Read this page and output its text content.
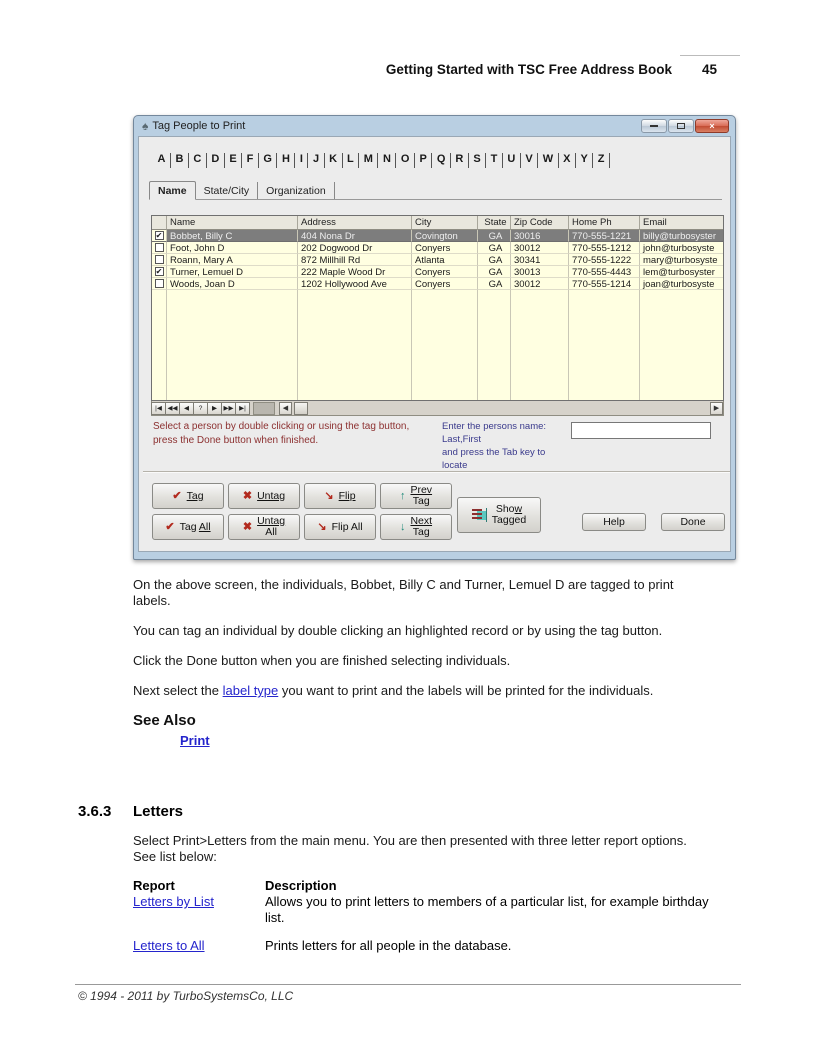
Getting Started with TSC Free Address Book 45
♠ Tag People to Print	×
A B C D E F G H I J K L M N O P Q R S T U V W X Y Z
Name	State/City	Organization
Name	Address	City	State Zip Code	Home Ph	Email
✔ Bobbet, Billy C	404 Nona Dr	Covington	GA	30016	770-555-1221	billy@turbosyster
Foot, John D	202 Dogwood Dr	Conyers	GA	30012	770-555-1212	john@turbosyste
Roann, Mary A	872 Millhill Rd	Atlanta	GA	30341	770-555-1222	mary@turbosyste
✔ Turner, Lemuel D	222 Maple Wood Dr	Conyers	GA	30013	770-555-4443	lem@turbosyster
Woods, Joan D	1202 Hollywood Ave	Conyers	GA	30012	770-555-1214	joan@turbosyste
|◀ ◀◀	◀	?	▶	▶▶ ▶|	◀	▶
Select a person by double clicking or using the tag button,
press the Done button when finished.
Enter the persons name: Last,First
and press the Tab key to locate
✔ Tag	✖ Untag	↘ Flip	↑ Prev
Tag
✔ Tag All	✖ Untag
All	↘ Flip All	↓ Next
Tag
Show
Tagged	Help	Done
On the above screen, the individuals, Bobbet, Billy C and Turner, Lemuel D are tagged to print labels.
You can tag an individual by double clicking an highlighted record or by using the tag button.
Click the Done button when you are finished selecting individuals.
Next select the label type you want to print and the labels will be printed for the individuals.
See Also
Print
3.6.3 Letters
Select Print>Letters from the main menu. You are then presented with three letter report options. See list below:
Report	Description
Letters by List	Allows you to print letters to members of a particular list, for example birthday list.
Letters to All	Prints letters for all people in the database.
© 1994 - 2011 by TurboSystemsCo, LLC
